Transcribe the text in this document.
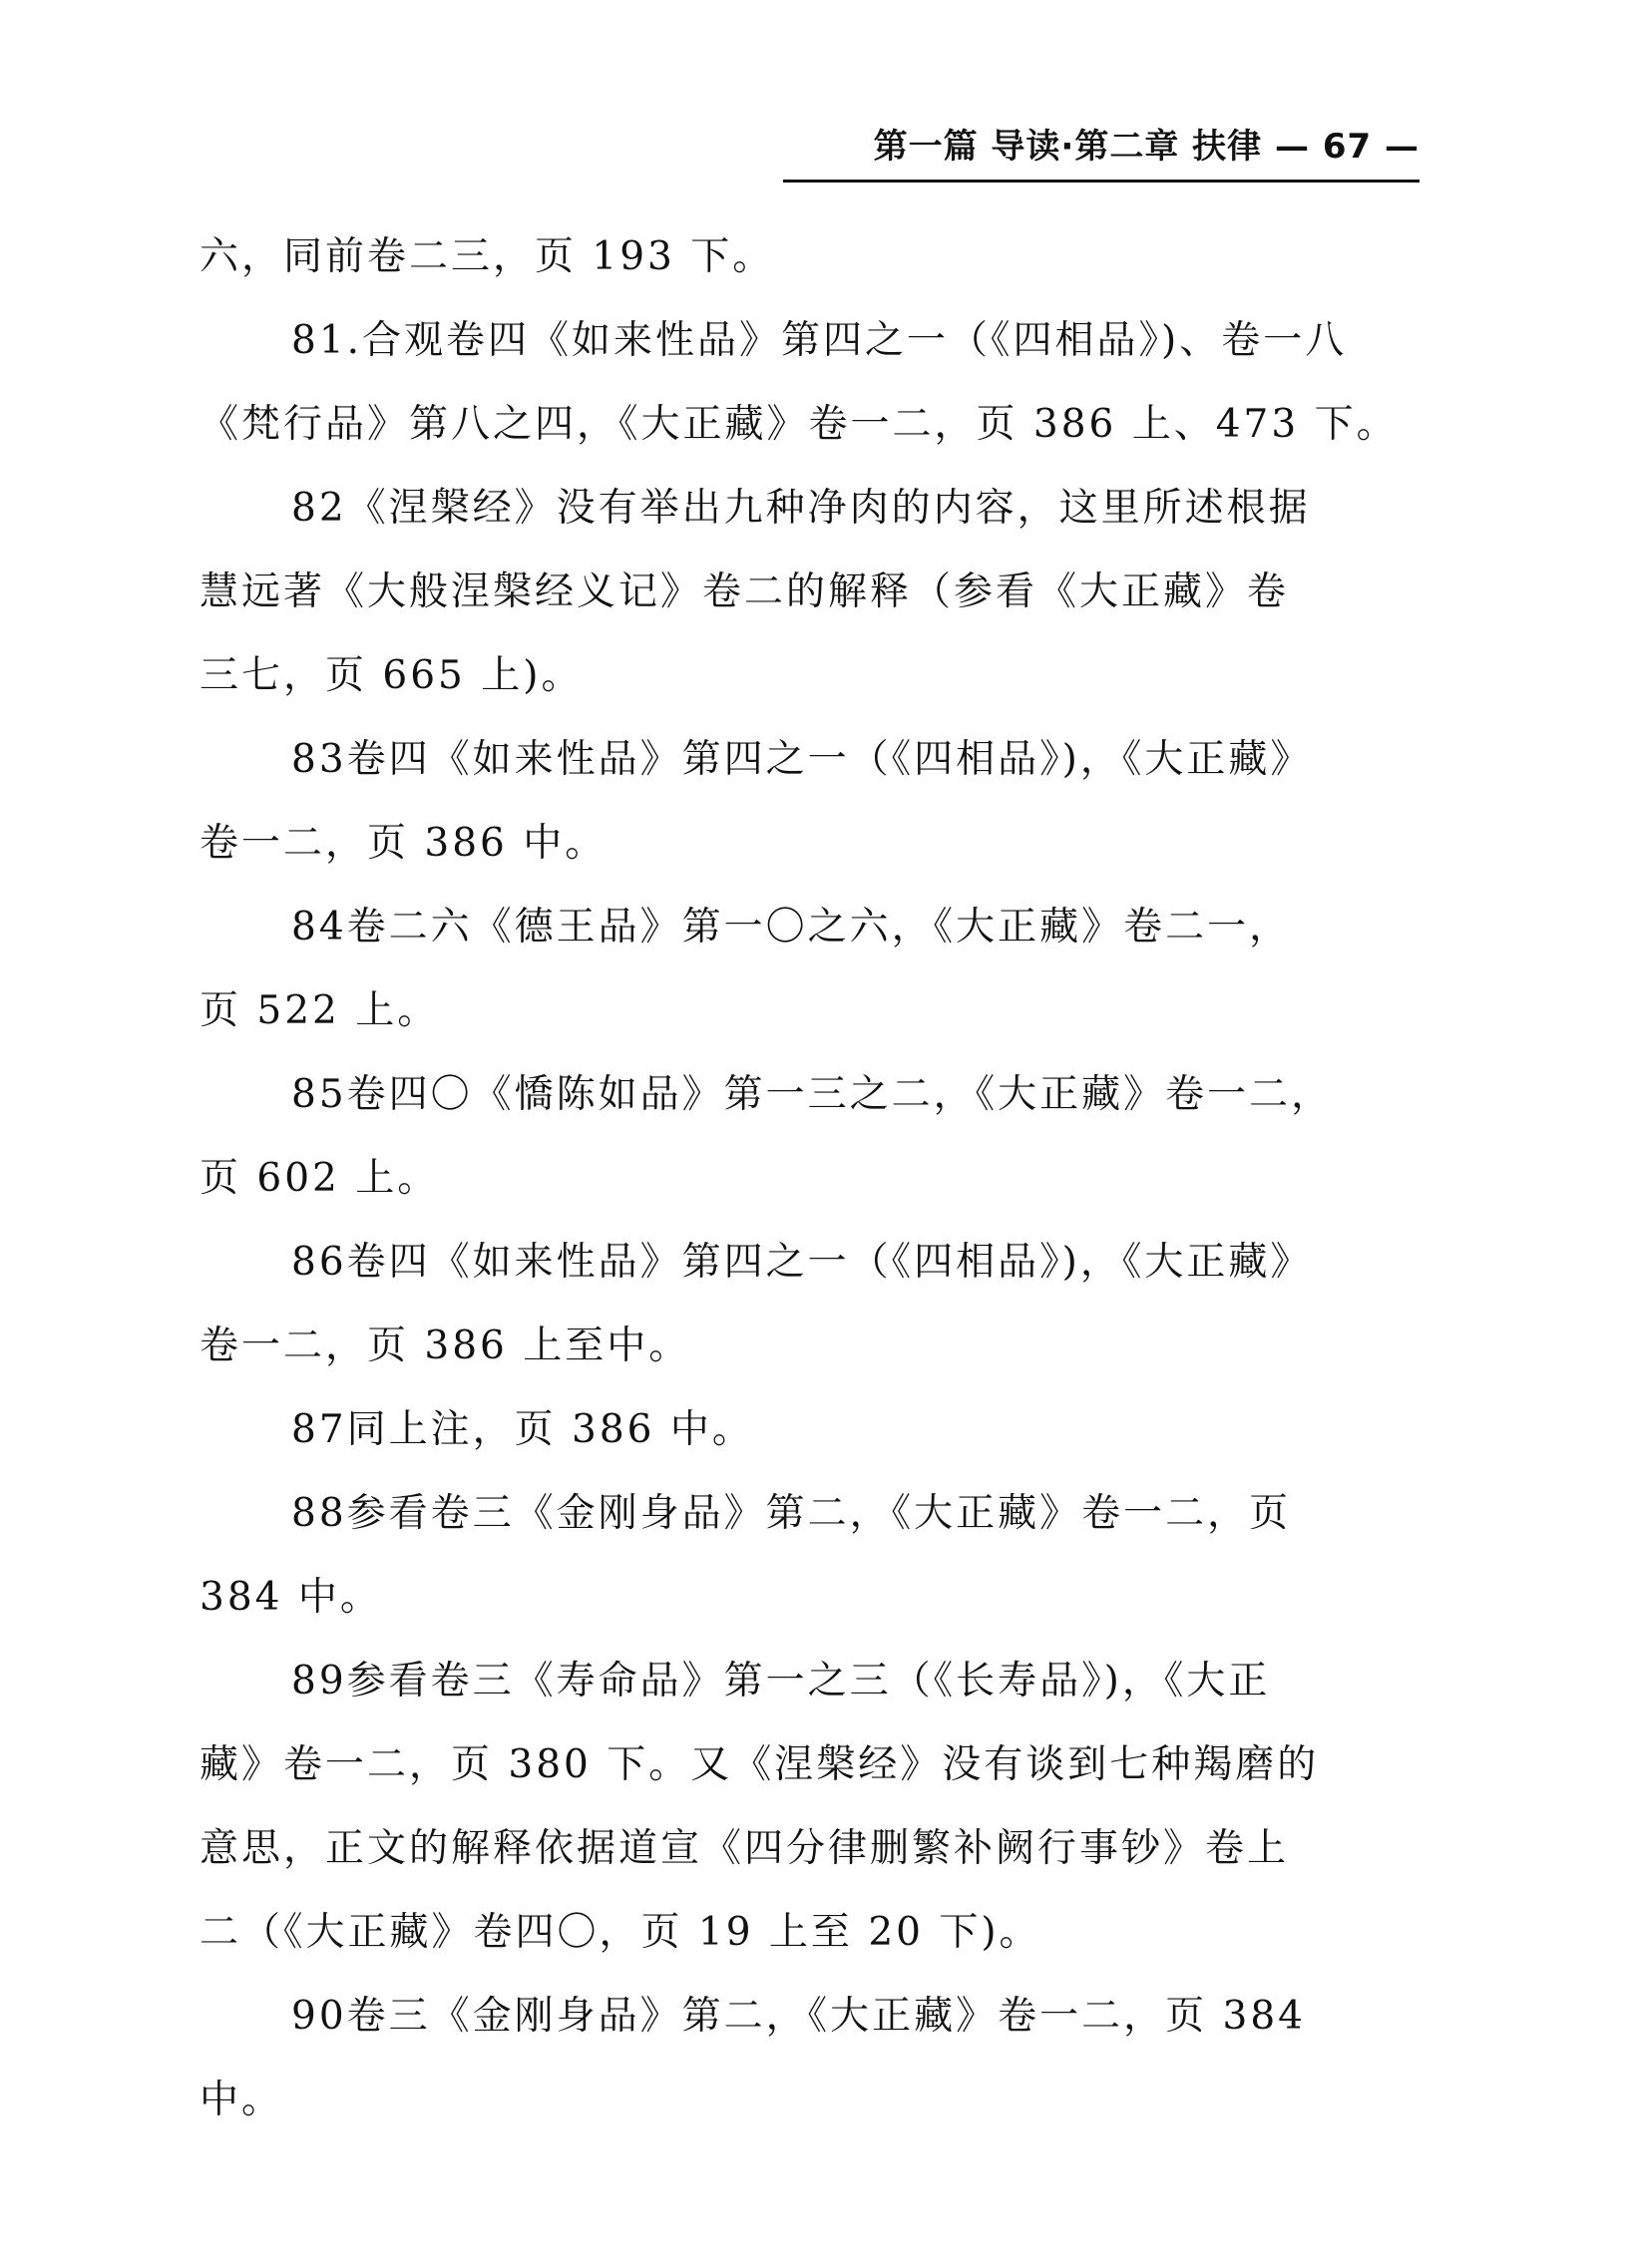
第一篇 导读·第二章 扶律 — 67 —
六，同前卷二三，页 193 下。
81.合观卷四《如来性品》第四之一（《四相品》)、卷一八
《梵行品》第八之四，《大正藏》卷一二，页 386 上、473 下。
82《涅槃经》没有举出九种净肉的内容，这里所述根据
慧远著《大般涅槃经义记》卷二的解释（参看《大正藏》卷
三七，页 665 上)。
83卷四《如来性品》第四之一（《四相品》)，《大正藏》
卷一二，页 386 中。
84卷二六《德王品》第一〇之六，《大正藏》卷二一，
页 522 上。
85卷四〇《憍陈如品》第一三之二，《大正藏》卷一二，
页 602 上。
86卷四《如来性品》第四之一（《四相品》)，《大正藏》
卷一二，页 386 上至中。
87同上注，页 386 中。
88参看卷三《金刚身品》第二，《大正藏》卷一二，页
384 中。
89参看卷三《寿命品》第一之三（《长寿品》)，《大正
藏》卷一二，页 380 下。又《涅槃经》没有谈到七种羯磨的
意思，正文的解释依据道宣《四分律删繁补阙行事钞》卷上
二（《大正藏》卷四〇，页 19 上至 20 下)。
90卷三《金刚身品》第二，《大正藏》卷一二，页 384
中。
